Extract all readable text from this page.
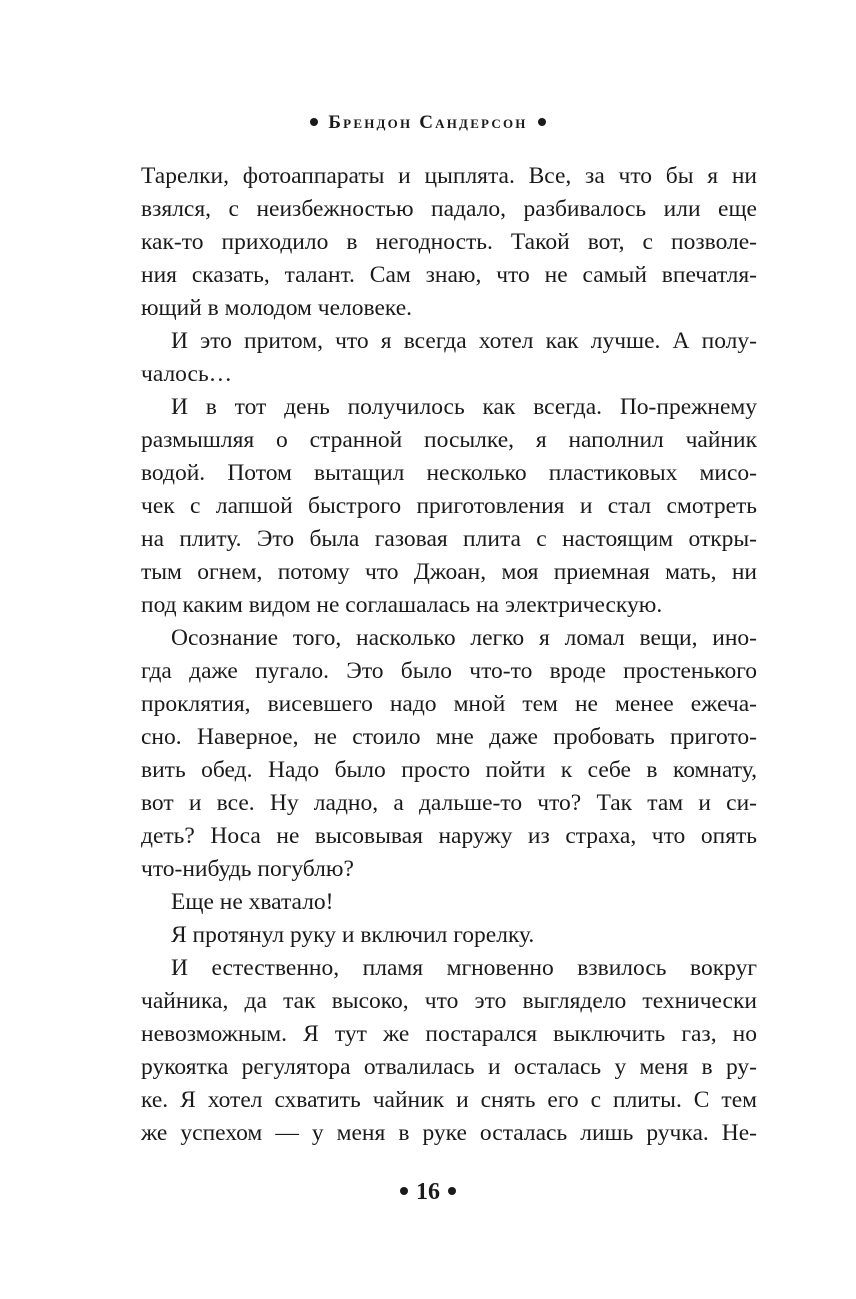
Брендон Сандерсон
Тарелки, фотоаппараты и цыплята. Все, за что бы я ни
взялся, с неизбежностью падало, разбивалось или еще
как-то приходило в негодность. Такой вот, с позволе-
ния сказать, талант. Сам знаю, что не самый впечатля-
ющий в молодом человеке.
И это притом, что я всегда хотел как лучше. А полу-
чалось…
И в тот день получилось как всегда. По-прежнему
размышляя о странной посылке, я наполнил чайник
водой. Потом вытащил несколько пластиковых мисо-
чек с лапшой быстрого приготовления и стал смотреть
на плиту. Это была газовая плита с настоящим откры-
тым огнем, потому что Джоан, моя приемная мать, ни
под каким видом не соглашалась на электрическую.
Осознание того, насколько легко я ломал вещи, ино-
гда даже пугало. Это было что-то вроде простенького
проклятия, висевшего надо мной тем не менее ежеча-
сно. Наверное, не стоило мне даже пробовать пригото-
вить обед. Надо было просто пойти к себе в комнату,
вот и все. Ну ладно, а дальше-то что? Так там и си-
деть? Носа не высовывая наружу из страха, что опять
что-нибудь погублю?
Еще не хватало!
Я протянул руку и включил горелку.
И естественно, пламя мгновенно взвилось вокруг
чайника, да так высоко, что это выглядело технически
невозможным. Я тут же постарался выключить газ, но
рукоятка регулятора отвалилась и осталась у меня в ру-
ке. Я хотел схватить чайник и снять его с плиты. С тем
же успехом — у меня в руке осталась лишь ручка. Не-
16
